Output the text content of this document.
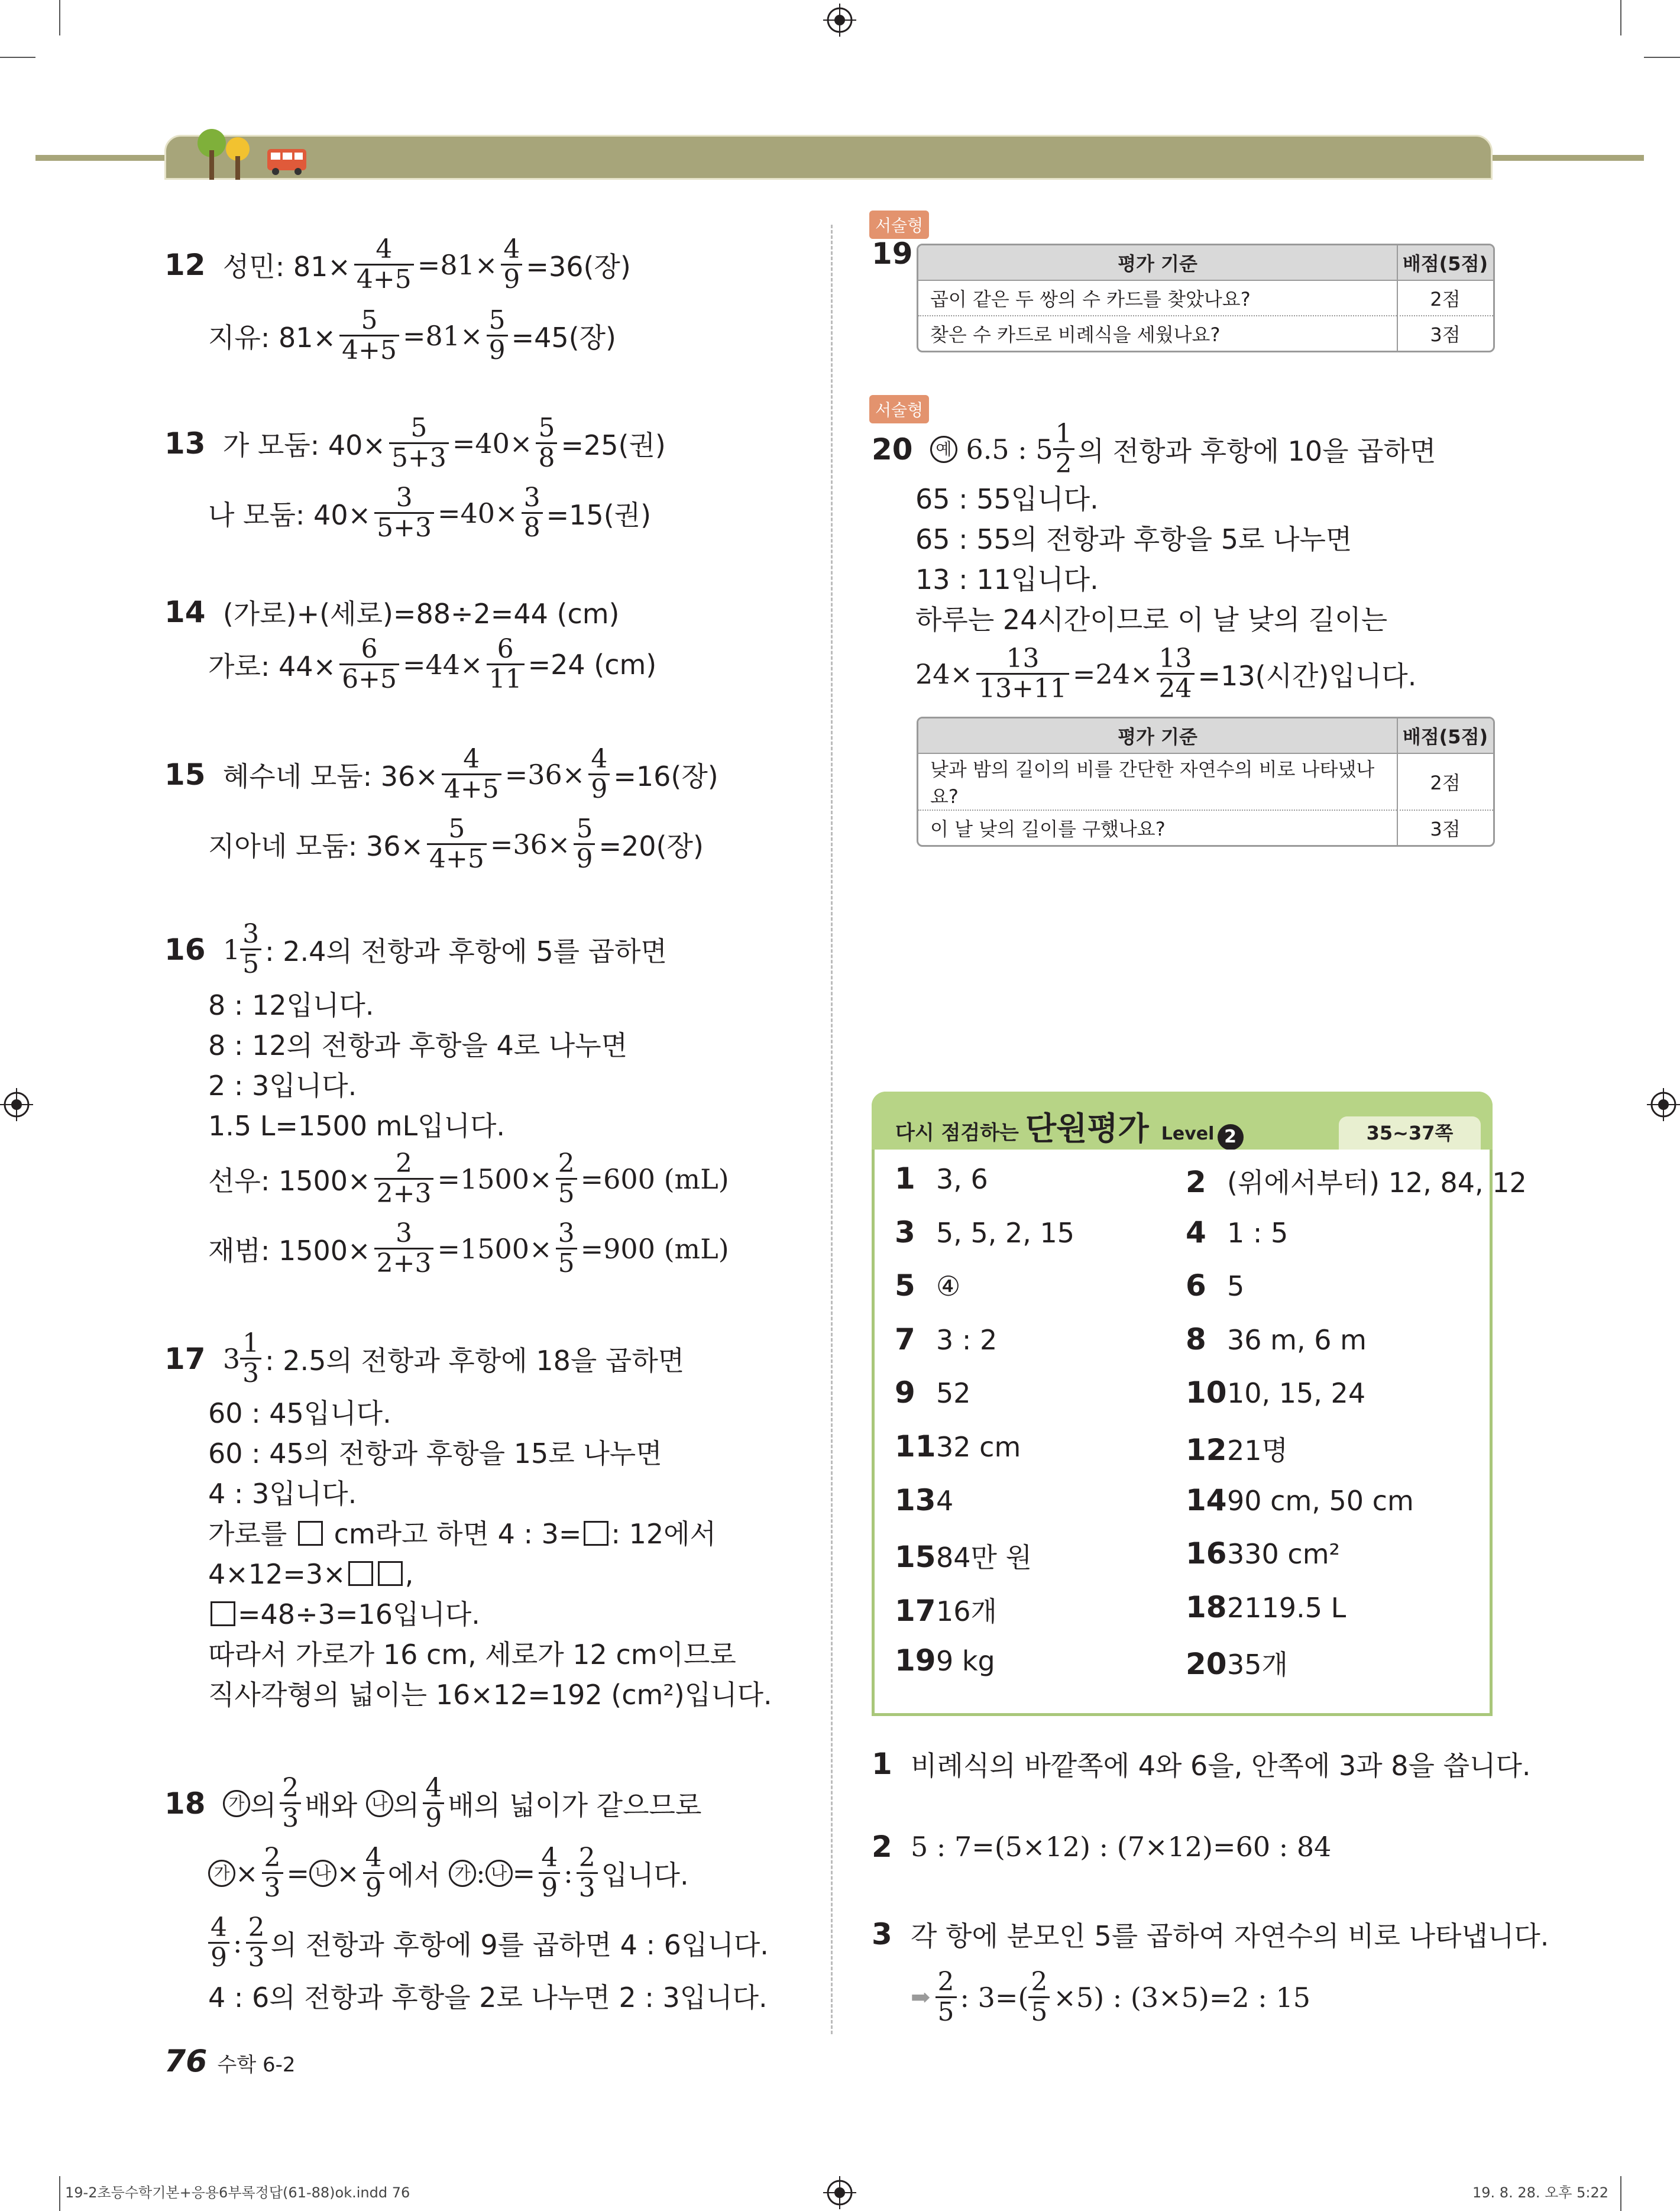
12
성민: $81\times \frac{4}{4+5} =81\times \frac{4}{9} =36$(장)
지유: $81\times \frac{5}{4+5} =81\times \frac{5}{9} =45$(장)
13
가 모둠: $40\times \frac{5}{5+3} =40\times \frac{5}{8} =25$(권)
나 모둠: $40\times \frac{3}{5+3} =40\times \frac{3}{8} =15$(권)
14
(가로)+(세로)=88÷2=44 (cm)
가로: $44\times \frac{6}{6+5} =44\times \frac{6}{11} =24$ (cm)
15
혜수네 모둠: $36\times \frac{4}{4+5} =36\times \frac{4}{9} =16$(장)
지아네 모둠: $36\times \frac{5}{4+5} =36\times \frac{5}{9} =20$(장)
16
$1 \frac{3}{5}$ : 2.4의 전항과 후항에 5를 곱하면
8 : 12입니다.
8 : 12의 전항과 후항을 4로 나누면
2 : 3입니다.
1.5 L=1500 mL입니다.
선우: $1500\times \frac{2}{2+3} =1500\times \frac{2}{5} =600$ (mL)
재범: $1500\times \frac{3}{2+3} =1500\times \frac{3}{5} =900$ (mL)
17
$3 \frac{1}{3}$ : 2.5의 전항과 후항에 18을 곱하면
60 : 45입니다.
60 : 45의 전항과 후항을 15로 나누면
4 : 3입니다.
가로를 cm라고 하면 4 : 3= : 12에서
4×12=3× ,
=48÷3=16입니다.
따라서 가로가 16 cm, 세로가 12 cm이므로
직사각형의 넓이는 16×12=192 (cm²)입니다.
18
	가 의 $\frac{2}{3}$ 배와
나 의 $\frac{4}{9}$ 배의 넓이가 같으므로
가 × $\frac{2}{3}$ = 나 × $\frac{4}{9}$ 에서
가 : 나 = $\frac{4}{9}$ : $\frac{2}{3}$ 입니다.
$\frac{4}{9}$ : $\frac{2}{3}$ 의 전항과 후항에 9를 곱하면 4 : 6입니다.
4 : 6의 전항과 후항을 2로 나누면 2 : 3입니다.
76 수학 6-2
19-2초등수학기본+응용6부록정답(61-88)ok.indd 76	19. 8. 28. 오후 5:22
서술형
19	평가 기준	배점(5점)
곱이 같은 두 쌍의 수 카드를 찾았나요?	2점
찾은 수 카드로 비례식을 세웠나요?	3점
서술형
20
	예
6.5 : $5 \frac{1}{2}$ 의 전항과 후항에 10을 곱하면
65 : 55입니다.
65 : 55의 전항과 후항을 5로 나누면
13 : 11입니다.
하루는 24시간이므로 이 날 낮의 길이는
$24\times \frac{13}{13+11} =24\times \frac{13}{24} =13$(시간)입니다.
평가 기준	배점(5점)
낮과 밤의 길이의 비를 간단한 자연수의 비로 나타냈나요?	2점
이 날 낮의 길이를 구했나요?	3점
다시 점검하는 단원평가 Level 2	35~37쪽
1 3, 6	2 (위에서부터) 12, 84, 12
3 5, 5, 2, 15	4 1 : 5
5 ④	6 5
7 3 : 2	8 36 m, 6 m
9 52	1010, 15, 24
1132 cm	1221명
134	1490 cm, 50 cm
1584만 원	16330 cm²
1716개	182119.5 L
199 kg	2035개
1 비례식의 바깥쪽에 4와 6을, 안쪽에 3과 8을 씁니다.
2 5 : 7=(5×12) : (7×12)=60 : 84
3 각 항에 분모인 5를 곱하여 자연수의 비로 나타냅니다.
➡ $\frac{2}{5}$ : $3=( \frac{2}{5} \times 5)$ : (3×5)=2 : 15
